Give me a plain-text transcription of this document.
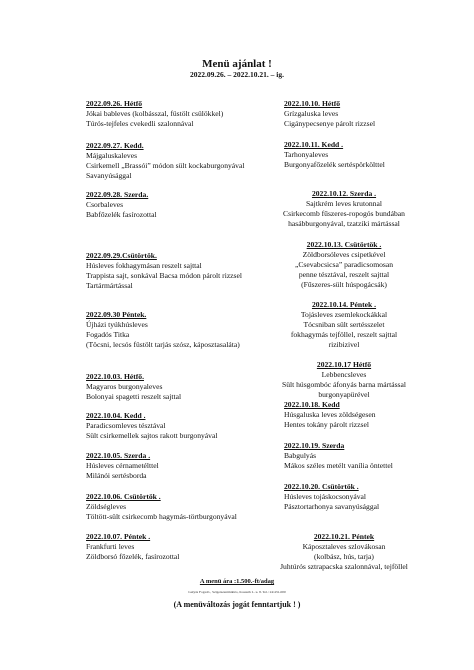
Menü ajánlat !
2022.09.26. – 2022.10.21. – ig.
2022.09.26. Hétfő
Jókai bableves (kolbásszal, füstölt csülökkel)
Túrós-tejfeles cvekedli szalonnával
2022.09.27. Kedd.
Májgaluskaleves
Csirkemell „Brassói” módon sült kockaburgonyával
Savanyúsággal
2022.09.28. Szerda.
Csorbaleves
Babfőzelék fasírozottal
2022.09.29.Csütörtök.
Húsleves fokhagymásan reszelt sajttal
Trappista sajt, sonkával Bacsa módon párolt rizzsel
Tartármártással
2022.09.30 Péntek.
Újházi tyúkhúsleves
Fogadós Titka
(Töcsni, lecsós füstölt tarjás szósz, káposztasaláta)
2022.10.03. Hétfő.
Magyaros burgonyaleves
Bolonyai spagetti reszelt sajttal
2022.10.04. Kedd .
Paradicsomleves tésztával
Sült csirkemellek sajtos rakott burgonyával
2022.10.05. Szerda .
Húsleves cérnametélttel
Milánói sertésborda
2022.10.06. Csütörtök .
Zöldségleves
Töltött-sült csirkecomb hagymás-törtburgonyával
2022.10.07. Péntek .
Frankfurti leves
Zöldborsó főzelék, fasírozottal
2022.10.10. Hétfő
Grízgaluska leves
Cigánypecsenye párolt rizzsel
2022.10.11. Kedd .
Tarhonyaleves
Burgonyafőzelék sertéspörkölttel
2022.10.12. Szerda .
Sajtkrém leves krutonnal
Csirkecomb fűszeres-ropogós bundában
hasábburgonyával, tzatziki mártással
2022.10.13. Csütörtök .
Zöldborsóleves csipetkével
„Csevabcsicsa” paradicsomosan
penne tésztával, reszelt sajttal
(Fűszeres-sült húspogácsák)
2022.10.14. Péntek .
Tojásleves zsemlekockákkal
Tócsniban sült sertésszelet
fokhagymás tejföllel, reszelt sajttal
rizibizivel
2022.10.17 Hétfő
Lebbencsleves
Sült húsgombóc áfonyás barna mártással
burgonyapürével
2022.10.18. Kedd
Húsgaluska leves zöldségesen
Hentes tokány párolt rizzsel
2022.10.19. Szerda
Babgulyás
Mákos széles metélt vanília öntettel
2022.10.20. Csütörtök .
Húsleves tojáskocsonyával
Pásztortarhonya savanyúsággal
2022.10.21. Péntek
Káposztaleves szlovákosan
(kolbász, hús, tarja)
Juhtúrós sztrapacska szalonnával, tejföllel
A menü ára :1.500.-ft/adag
Gulyás Fogadó , Szigetszentmiklós, Kossuth L. u. 8. Tel.: 24/431-000
(A menüváltozás jogát fenntartjuk ! )
